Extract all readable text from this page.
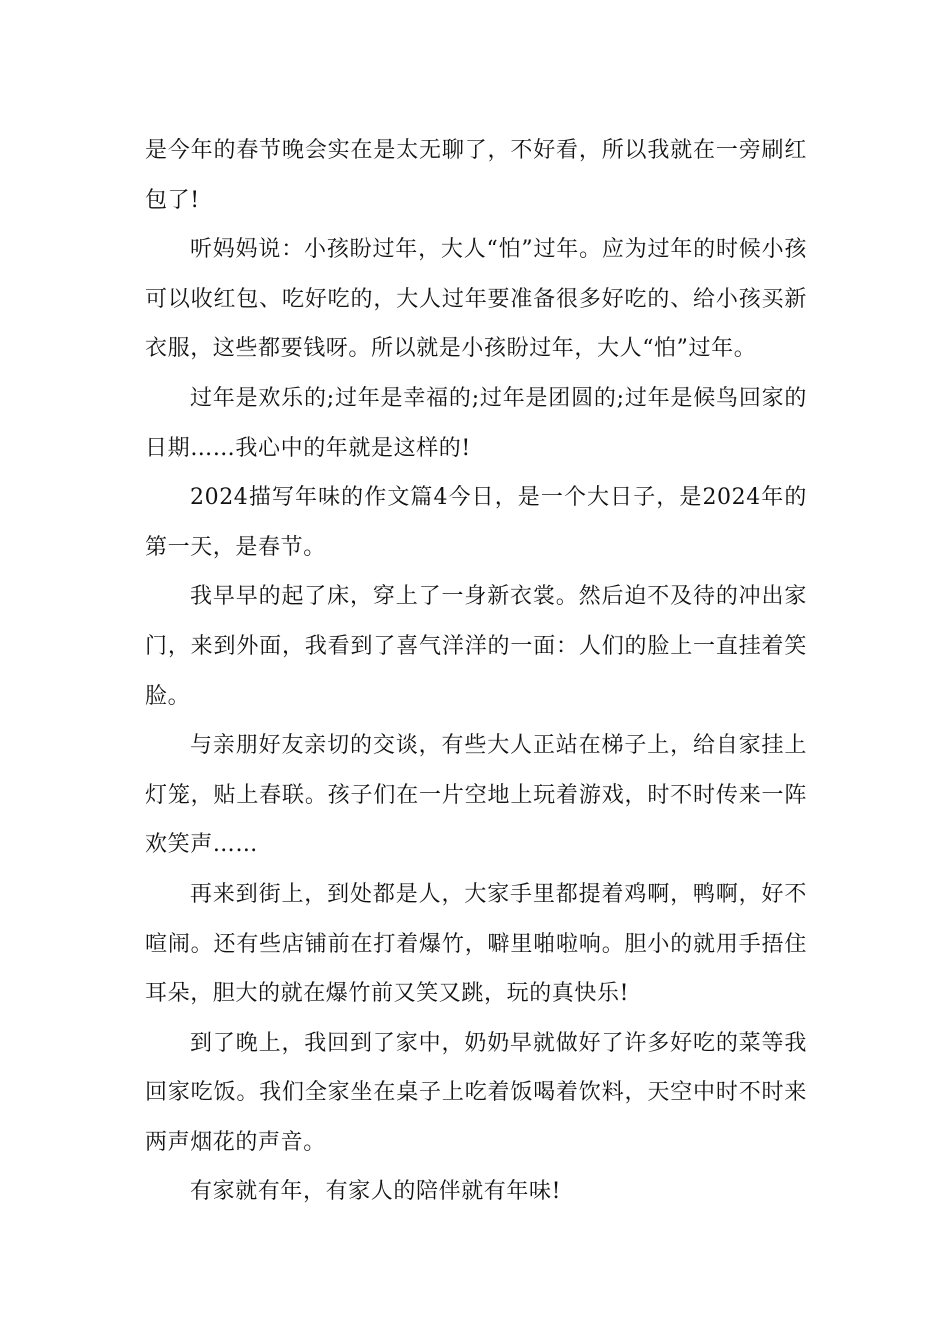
是今年的春节晚会实在是太无聊了，不好看，所以我就在一旁刷红包了!

听妈妈说：小孩盼过年，大人“怕”过年。应为过年的时候小孩可以收红包、吃好吃的，大人过年要准备很多好吃的、给小孩买新衣服，这些都要钱呀。所以就是小孩盼过年，大人“怕”过年。

过年是欢乐的;过年是幸福的;过年是团圆的;过年是候鸟回家的日期……我心中的年就是这样的!

2024描写年味的作文篇4今日，是一个大日子，是2024年的第一天，是春节。

我早早的起了床，穿上了一身新衣裳。然后迫不及待的冲出家门，来到外面，我看到了喜气洋洋的一面：人们的脸上一直挂着笑脸。

与亲朋好友亲切的交谈，有些大人正站在梯子上，给自家挂上灯笼，贴上春联。孩子们在一片空地上玩着游戏，时不时传来一阵欢笑声……

再来到街上，到处都是人，大家手里都提着鸡啊，鸭啊，好不喧闹。还有些店铺前在打着爆竹，噼里啪啦响。胆小的就用手捂住耳朵，胆大的就在爆竹前又笑又跳，玩的真快乐!

到了晚上，我回到了家中，奶奶早就做好了许多好吃的菜等我回家吃饭。我们全家坐在桌子上吃着饭喝着饮料，天空中时不时来两声烟花的声音。

有家就有年，有家人的陪伴就有年味!
